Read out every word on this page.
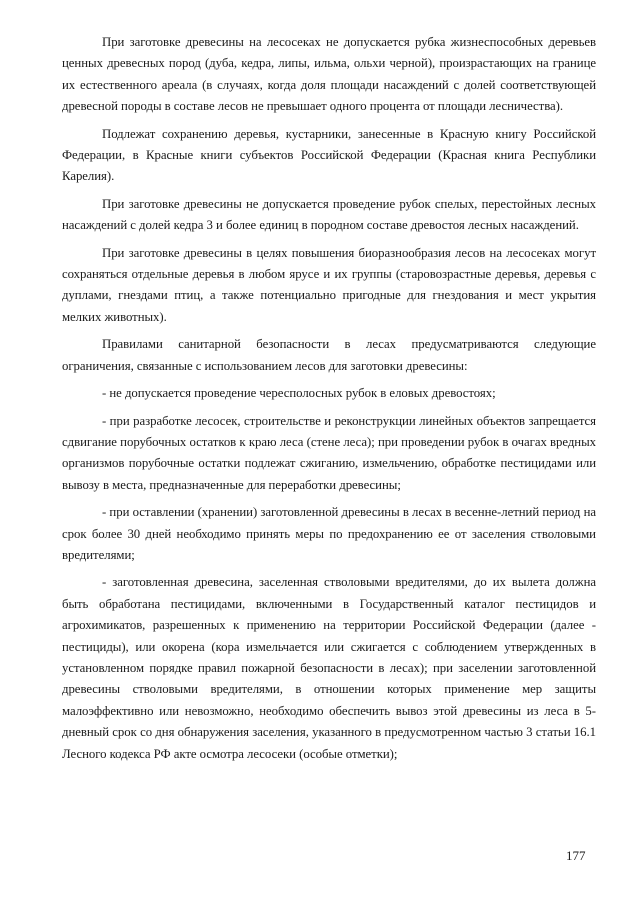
При заготовке древесины на лесосеках не допускается рубка жизнеспособных деревьев ценных древесных пород (дуба, кедра, липы, ильма, ольхи черной), произрастающих на границе их естественного ареала (в случаях, когда доля площади насаждений с долей соответствующей древесной породы в составе лесов не превышает одного процента от площади лесничества).

Подлежат сохранению деревья, кустарники, занесенные в Красную книгу Российской Федерации, в Красные книги субъектов Российской Федерации (Красная книга Республики Карелия).

При заготовке древесины не допускается проведение рубок спелых, перестойных лесных насаждений с долей кедра 3 и более единиц в породном составе древостоя лесных насаждений.

При заготовке древесины в целях повышения биоразнообразия лесов на лесосеках могут сохраняться отдельные деревья в любом ярусе и их группы (старовозрастные деревья, деревья с дуплами, гнездами птиц, а также потенциально пригодные для гнездования и мест укрытия мелких животных).

Правилами санитарной безопасности в лесах предусматриваются следующие ограничения, связанные с использованием лесов для заготовки древесины:

- не допускается проведение чересполосных рубок в еловых древостоях;

- при разработке лесосек, строительстве и реконструкции линейных объектов запрещается сдвигание порубочных остатков к краю леса (стене леса); при проведении рубок в очагах вредных организмов порубочные остатки подлежат сжиганию, измельчению, обработке пестицидами или вывозу в места, предназначенные для переработки древесины;

- при оставлении (хранении) заготовленной древесины в лесах в весенне-летний период на срок более 30 дней необходимо принять меры по предохранению ее от заселения стволовыми вредителями;

- заготовленная древесина, заселенная стволовыми вредителями, до их вылета должна быть обработана пестицидами, включенными в Государственный каталог пестицидов и агрохимикатов, разрешенных к применению на территории Российской Федерации (далее - пестициды), или окорена (кора измельчается или сжигается с соблюдением утвержденных в установленном порядке правил пожарной безопасности в лесах); при заселении заготовленной древесины стволовыми вредителями, в отношении которых применение мер защиты малоэффективно или невозможно, необходимо обеспечить вывоз этой древесины из леса в 5-дневный срок со дня обнаружения заселения, указанного в предусмотренном частью 3 статьи 16.1 Лесного кодекса РФ акте осмотра лесосеки (особые отметки);

177
